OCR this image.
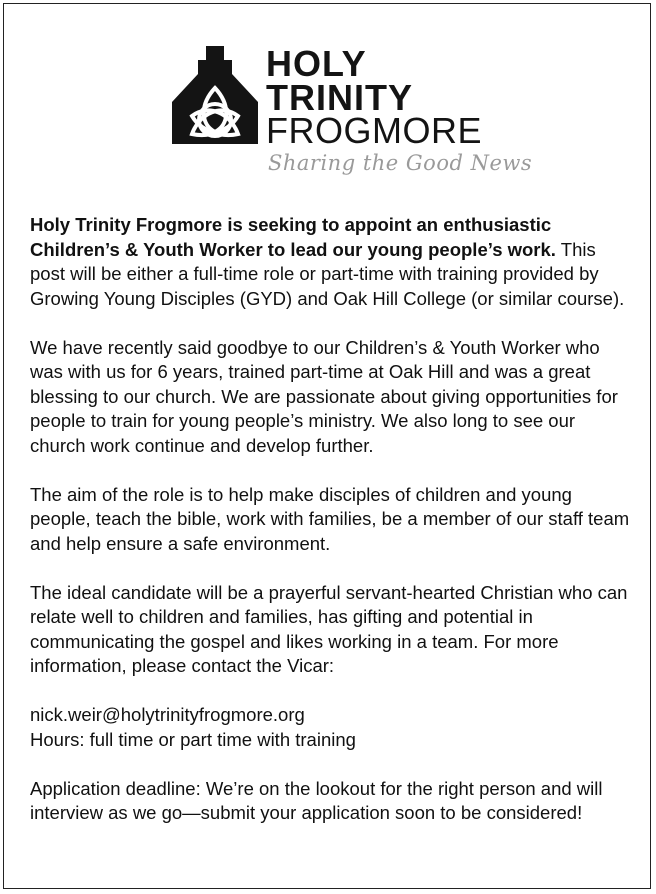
HOLY
TRINITY
FROGMORE
Sharing the Good News

Holy Trinity Frogmore is seeking to appoint an enthusiastic Children’s & Youth Worker to lead our young people’s work. This post will be either a full-time role or part-time with training provided by Growing Young Disciples (GYD) and Oak Hill College (or similar course).

We have recently said goodbye to our Children’s & Youth Worker who was with us for 6 years, trained part-time at Oak Hill and was a great blessing to our church. We are passionate about giving opportunities for people to train for young people’s ministry. We also long to see our church work continue and develop further.

The aim of the role is to help make disciples of children and young people, teach the bible, work with families, be a member of our staff team and help ensure a safe environment.

The ideal candidate will be a prayerful servant-hearted Christian who can relate well to children and families, has gifting and potential in communicating the gospel and likes working in a team. For more information, please contact the Vicar:

nick.weir@holytrinityfrogmore.org
Hours: full time or part time with training

Application deadline: We’re on the lookout for the right person and will interview as we go—submit your application soon to be considered!
